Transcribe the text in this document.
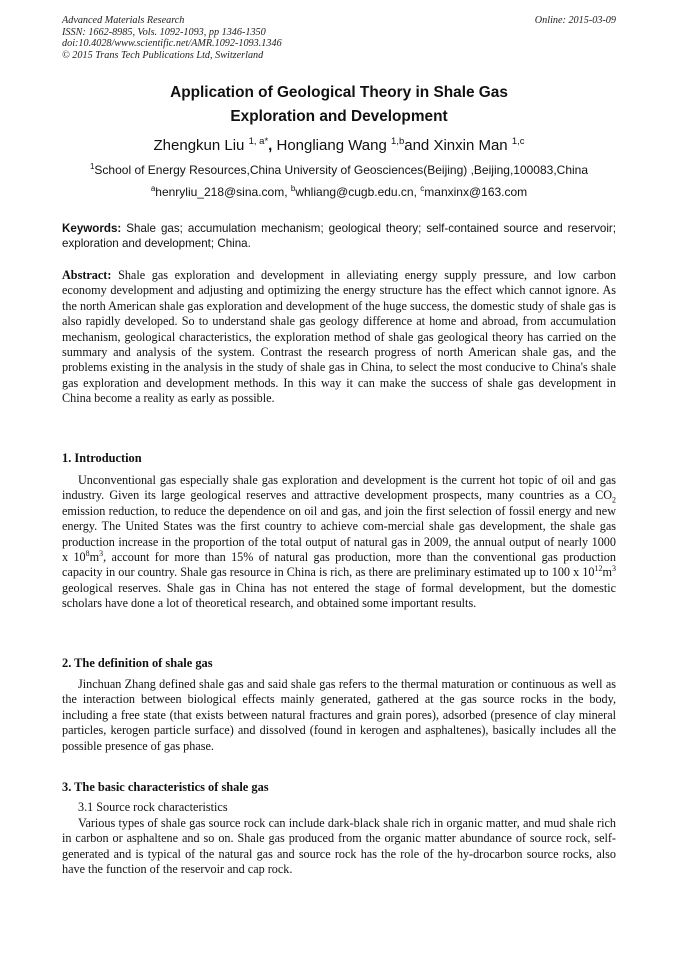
Advanced Materials Research
ISSN: 1662-8985, Vols. 1092-1093, pp 1346-1350
doi:10.4028/www.scientific.net/AMR.1092-1093.1346
© 2015 Trans Tech Publications Ltd, Switzerland
Online: 2015-03-09
Application of Geological Theory in Shale Gas
Exploration and Development
Zhengkun Liu $^{1, a*}$, Hongliang Wang $^{1,b}$and Xinxin Man $^{1,c}$
$^1$School of Energy Resources,China University of Geosciences(Beijing) ,Beijing,100083,China
$^a$henryliu_218@sina.com, $^b$whliang@cugb.edu.cn, $^c$manxinx@163.com
Keywords: Shale gas; accumulation mechanism; geological theory; self-contained source and reservoir; exploration and development; China.
Abstract: Shale gas exploration and development in alleviating energy supply pressure, and low carbon economy development and adjusting and optimizing the energy structure has the effect which cannot ignore. As the north American shale gas exploration and development of the huge success, the domestic study of shale gas is also rapidly developed. So to understand shale gas geology difference at home and abroad, from accumulation mechanism, geological characteristics, the exploration method of shale gas geological theory has carried on the summary and analysis of the system. Contrast the research progress of north American shale gas, and the problems existing in the analysis in the study of shale gas in China, to select the most conducive to China's shale gas exploration and development methods. In this way it can make the success of shale gas development in China become a reality as early as possible.
1. Introduction
Unconventional gas especially shale gas exploration and development is the current hot topic of oil and gas industry. Given its large geological reserves and attractive development prospects, many countries as a $CO_2$ emission reduction, to reduce the dependence on oil and gas, and join the first selection of fossil energy and new energy. The United States was the first country to achieve com-mercial shale gas development, the shale gas production increase in the proportion of the total output of natural gas in 2009, the annual output of nearly 1000 x $10^8m^3$, account for more than 15% of natural gas production, more than the conventional gas production capacity in our country. Shale gas resource in China is rich, as there are preliminary estimated up to 100 x $10^{12}m^3$ geological reserves. Shale gas in China has not entered the stage of formal development, but the domestic scholars have done a lot of theoretical research, and obtained some important results.
2. The definition of shale gas
Jinchuan Zhang defined shale gas and said shale gas refers to the thermal maturation or continuous as well as the interaction between biological effects mainly generated, gathered at the gas source rocks in the body, including a free state (that exists between natural fractures and grain pores), adsorbed (presence of clay mineral particles, kerogen particle surface) and dissolved (found in kerogen and asphaltenes), basically includes all the possible presence of gas phase.
3. The basic characteristics of shale gas
3.1 Source rock characteristics
Various types of shale gas source rock can include dark-black shale rich in organic matter, and mud shale rich in carbon or asphaltene and so on. Shale gas produced from the organic matter abundance of source rock, self-generated and is typical of the natural gas and source rock has the role of the hy-drocarbon source rocks, also have the function of the reservoir and cap rock.
